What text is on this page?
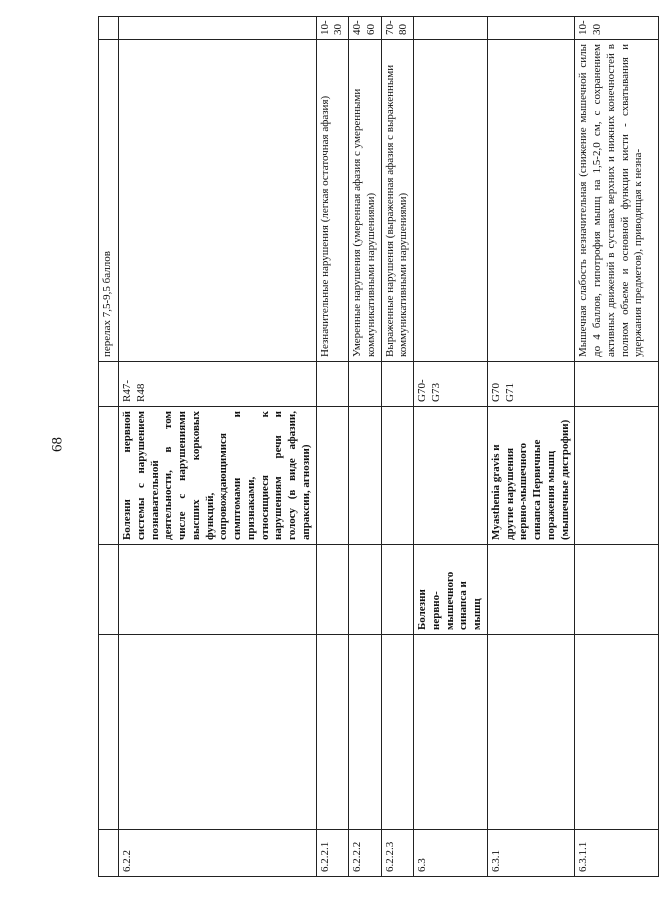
68
					перелах 7,5-9,5 баллов	
6.2.2			Болезни нервной системы с нарушением познавательной деятельности, в том числе с нарушениями высших корковых функций, сопровождающимися симптомами и признаками, относящиеся к нарушениям речи и голосу (в виде афазии, апраксии, агнозии)	R47-R48		
6.2.2.1					Незначительные нарушения (легкая остаточная афазия)	10-30
6.2.2.2					Умеренные нарушения (умеренная афазия с умеренными коммуникативными нарушениями)	40-60
6.2.2.3					Выраженные нарушения (выраженная афазия с выраженными коммуникативными нарушениями)	70-80
6.3		Болезни нервно-мышечного синапса и мышц		G70-G73		
6.3.1			Myasthenia gravis и другие нарушения нервно-мышечного синапса Первичные поражения мышц (мышечные дистрофии)	G70 G71		
6.3.1.1					Мышечная слабость незначительная (снижение мышечной силы до 4 баллов, гипотрофия мышц на 1,5-2,0 см, с сохранением активных движений в суставах верхних и нижних конечностей в полном объеме и основной функции кисти - схватывания и удержания предметов), приводящая к незна-	10-30
